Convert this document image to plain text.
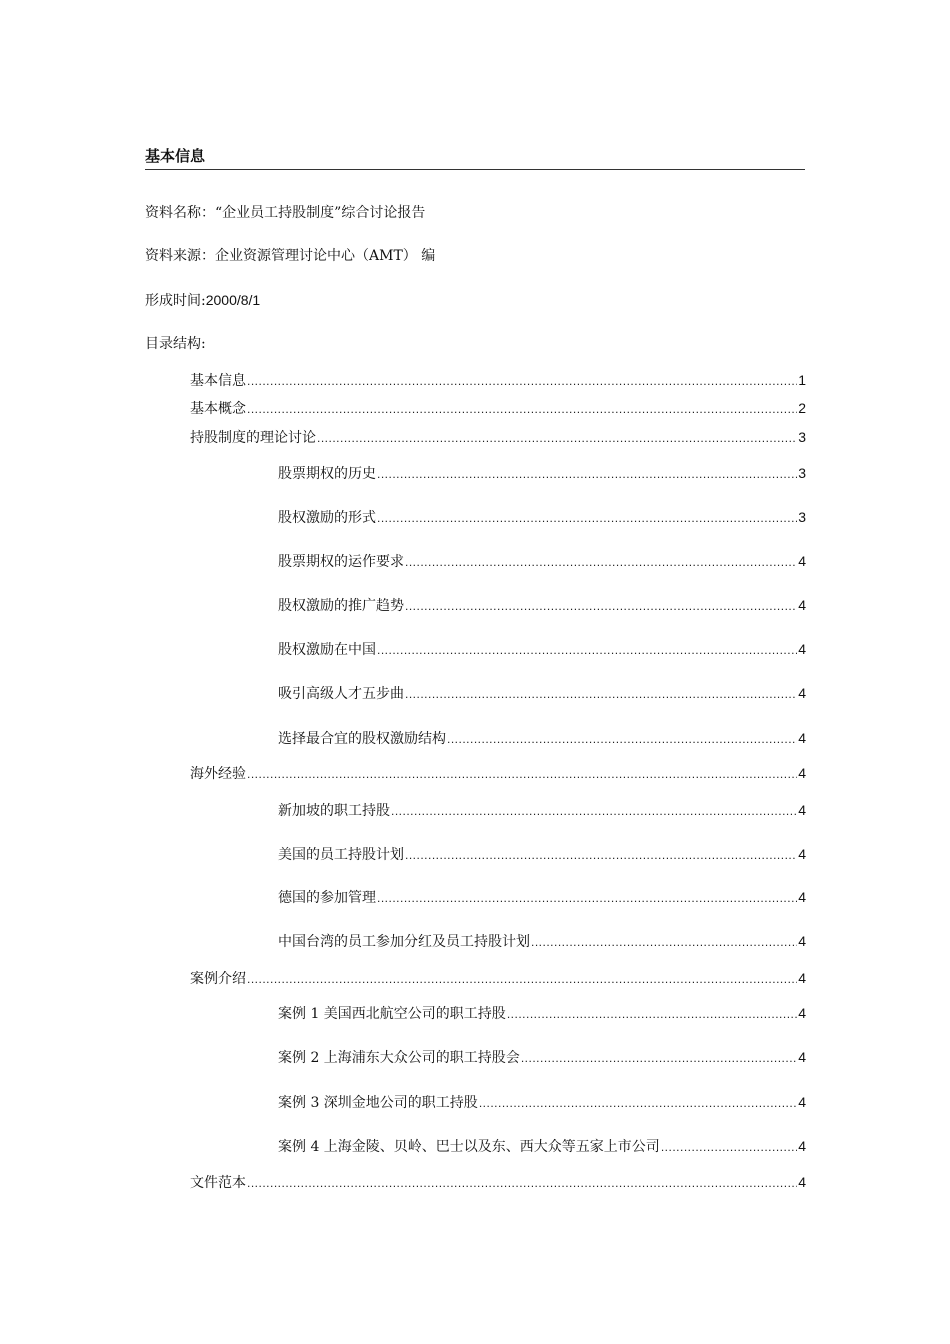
基本信息
资料名称：“企业员工持股制度”综合讨论报告
资料来源：企业资源管理讨论中心（AMT） 编
形成时间:2000/8/1
目录结构:
基本信息 .....	1
基本概念 .....	2
持股制度的理论讨论 .....	3
股票期权的历史 .....	3
股权激励的形式 .....	3
股票期权的运作要求 .....	4
股权激励的推广趋势 .....	4
股权激励在中国 .....	4
吸引高级人才五步曲 .....	4
选择最合宜的股权激励结构 .....	4
海外经验 .....	4
新加坡的职工持股 .....	4
美国的员工持股计划 .....	4
德国的参加管理 .....	4
中国台湾的员工参加分红及员工持股计划 .....	4
案例介绍 .....	4
案例 1 美国西北航空公司的职工持股 .....	4
案例 2 上海浦东大众公司的职工持股会 .....	4
案例 3 深圳金地公司的职工持股 .....	4
案例 4 上海金陵、贝岭、巴士以及东、西大众等五家上市公司 .....	4
文件范本 .....	4
